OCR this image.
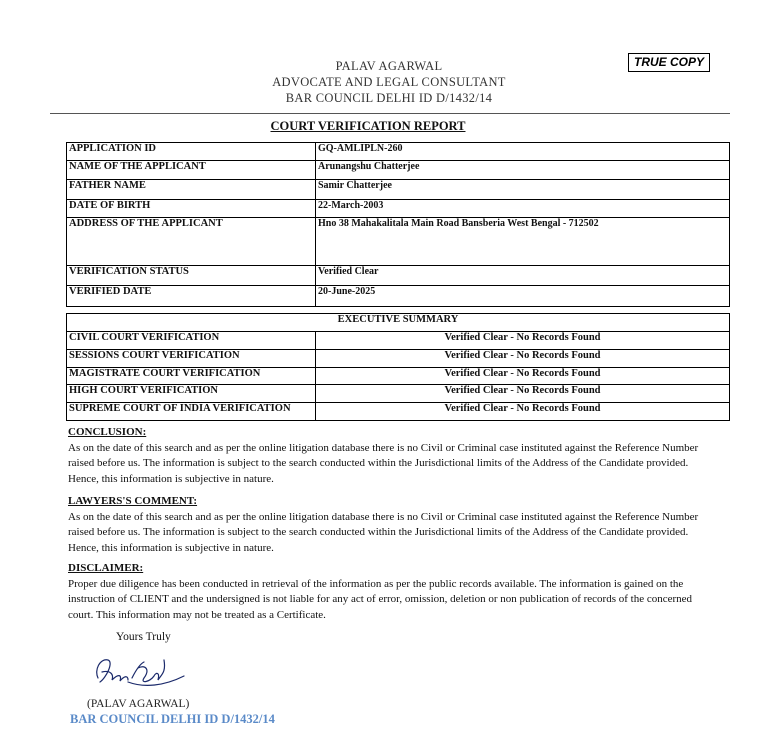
PALAV AGARWAL
ADVOCATE AND LEGAL CONSULTANT
BAR COUNCIL DELHI ID D/1432/14
TRUE COPY
COURT VERIFICATION REPORT
APPLICATION ID	GQ-AMLIPLN-260
NAME OF THE APPLICANT	Arunangshu Chatterjee
FATHER NAME	Samir Chatterjee
DATE OF BIRTH	22-March-2003
ADDRESS OF THE APPLICANT	Hno 38 Mahakalitala Main Road Bansberia West Bengal - 712502
VERIFICATION STATUS	Verified Clear
VERIFIED DATE	20-June-2025
EXECUTIVE SUMMARY	
CIVIL COURT VERIFICATION	Verified Clear - No Records Found
SESSIONS COURT VERIFICATION	Verified Clear - No Records Found
MAGISTRATE COURT VERIFICATION	Verified Clear - No Records Found
HIGH COURT VERIFICATION	Verified Clear - No Records Found
SUPREME COURT OF INDIA VERIFICATION	Verified Clear - No Records Found
CONCLUSION:
As on the date of this search and as per the online litigation database there is no Civil or Criminal case instituted against the Reference Number raised before us. The information is subject to the search conducted within the Jurisdictional limits of the Address of the Candidate provided. Hence, this information is subjective in nature.
LAWYERS'S COMMENT:
As on the date of this search and as per the online litigation database there is no Civil or Criminal case instituted against the Reference Number raised before us. The information is subject to the search conducted within the Jurisdictional limits of the Address of the Candidate provided. Hence, this information is subjective in nature.
DISCLAIMER:
Proper due diligence has been conducted in retrieval of the information as per the public records available. The information is gained on the instruction of CLIENT and the undersigned is not liable for any act of error, omission, deletion or non publication of records of the concerned court. This information may not be treated as a Certificate.
Yours Truly
(PALAV AGARWAL)
BAR COUNCIL DELHI ID D/1432/14
